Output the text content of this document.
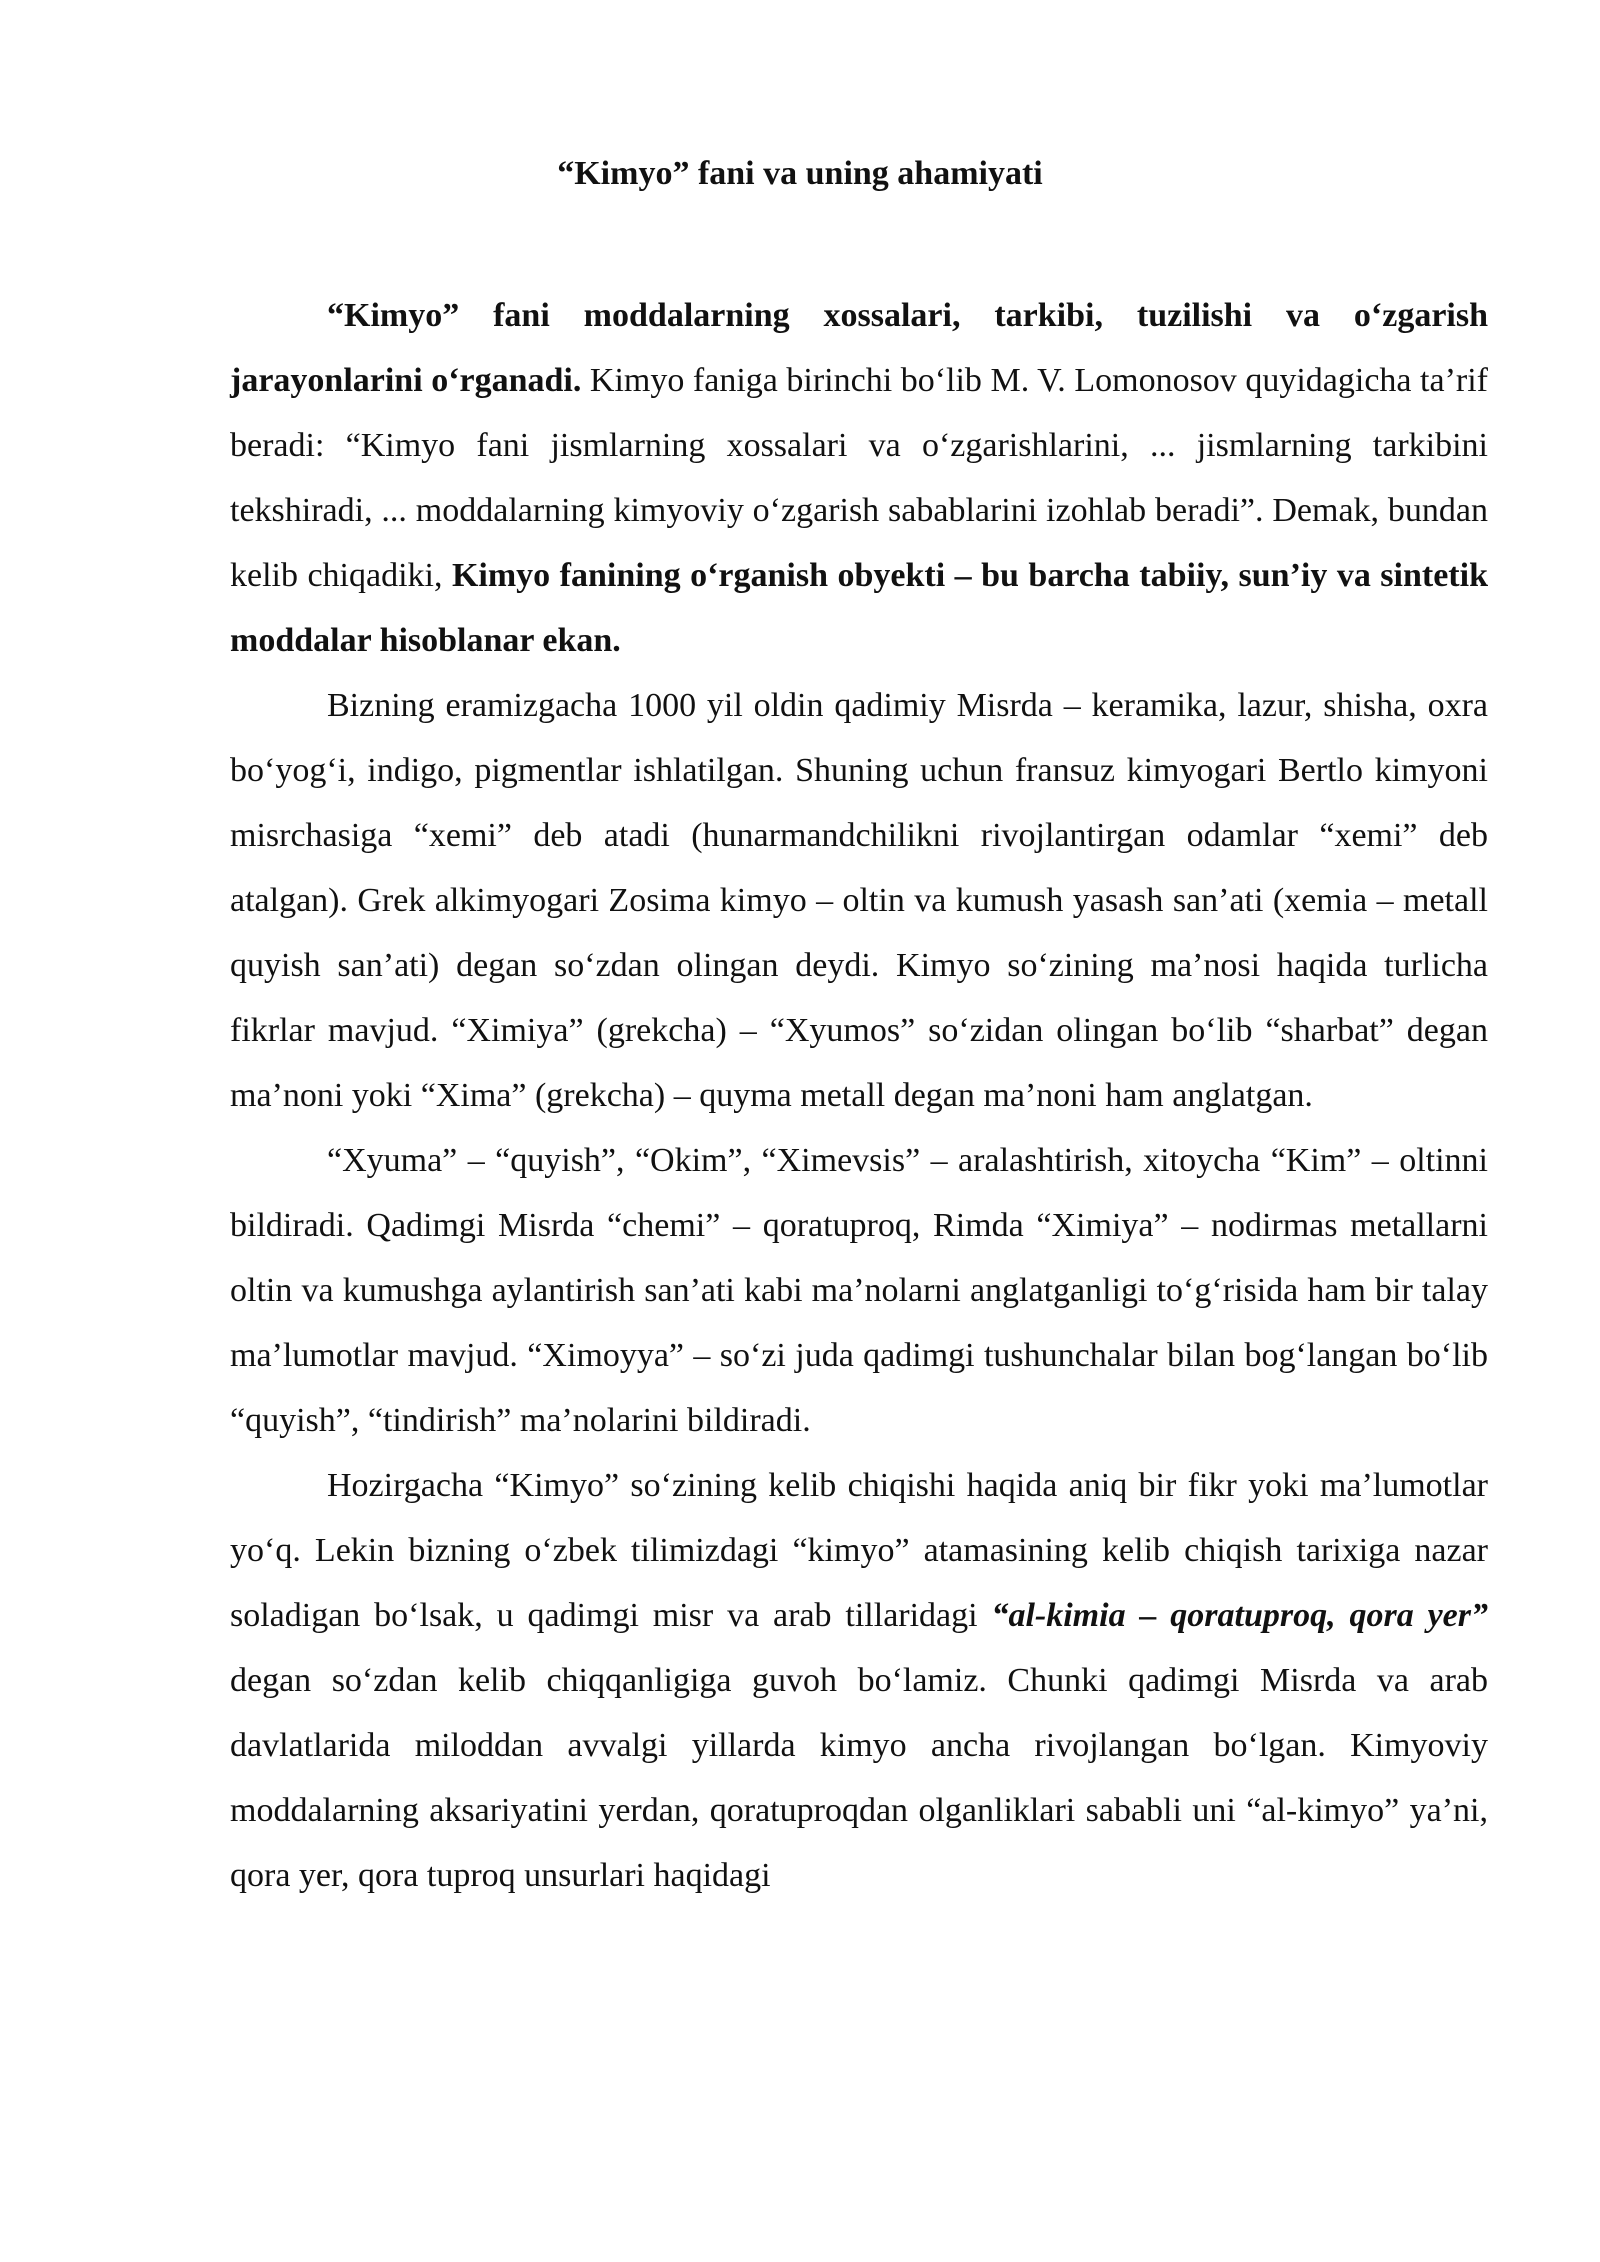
“Kimyo” fani va uning ahamiyati

“Kimyo” fani moddalarning xossalari, tarkibi, tuzilishi va o‘zgarish jarayonlarini o‘rganadi. Kimyo faniga birinchi bo‘lib M. V. Lomonosov quyidagicha ta’rif beradi: “Kimyo fani jismlarning xossalari va o‘zgarishlarini, ... jismlarning tarkibini tekshiradi, ... moddalarning kimyoviy o‘zgarish sabablarini izohlab beradi”. Demak, bundan kelib chiqadiki, Kimyo fanining o‘rganish obyekti – bu barcha tabiiy, sun’iy va sintetik moddalar hisoblanar ekan.

Bizning eramizgacha 1000 yil oldin qadimiy Misrda – keramika, lazur, shisha, oxra bo‘yog‘i, indigo, pigmentlar ishlatilgan. Shuning uchun fransuz kimyogari Bertlo kimyoni misrchasiga “xemi” deb atadi (hunarmandchilikni rivojlantirgan odamlar “xemi” deb atalgan). Grek alkimyogari Zosima kimyo – oltin va kumush yasash san’ati (xemia – metall quyish san’ati) degan so‘zdan olingan deydi. Kimyo so‘zining ma’nosi haqida turlicha fikrlar mavjud. “Ximiya” (grekcha) – “Xyumos” so‘zidan olingan bo‘lib “sharbat” degan ma’noni yoki “Xima” (grekcha) – quyma metall degan ma’noni ham anglatgan.

“Xyuma” – “quyish”, “Okim”, “Ximevsis” – aralashtirish, xitoycha “Kim” – oltinni bildiradi. Qadimgi Misrda “chemi” – qoratuproq, Rimda “Ximiya” – nodirmas metallarni oltin va kumushga aylantirish san’ati kabi ma’nolarni anglatganligi to‘g‘risida ham bir talay ma’lumotlar mavjud. “Ximoyya” – so‘zi juda qadimgi tushunchalar bilan bog‘langan bo‘lib “quyish”, “tindirish” ma’nolarini bildiradi.

Hozirgacha “Kimyo” so‘zining kelib chiqishi haqida aniq bir fikr yoki ma’lumotlar yo‘q. Lekin bizning o‘zbek tilimizdagi “kimyo” atamasining kelib chiqish tarixiga nazar soladigan bo‘lsak, u qadimgi misr va arab tillaridagi “al-kimia – qoratuproq, qora yer” degan so‘zdan kelib chiqqanligiga guvoh bo‘lamiz. Chunki qadimgi Misrda va arab davlatlarida miloddan avvalgi yillarda kimyo ancha rivojlangan bo‘lgan. Kimyoviy moddalarning aksariyatini yerdan, qoratuproqdan olganliklari sababli uni “al-kimyo” ya’ni, qora yer, qora tuproq unsurlari haqidagi
